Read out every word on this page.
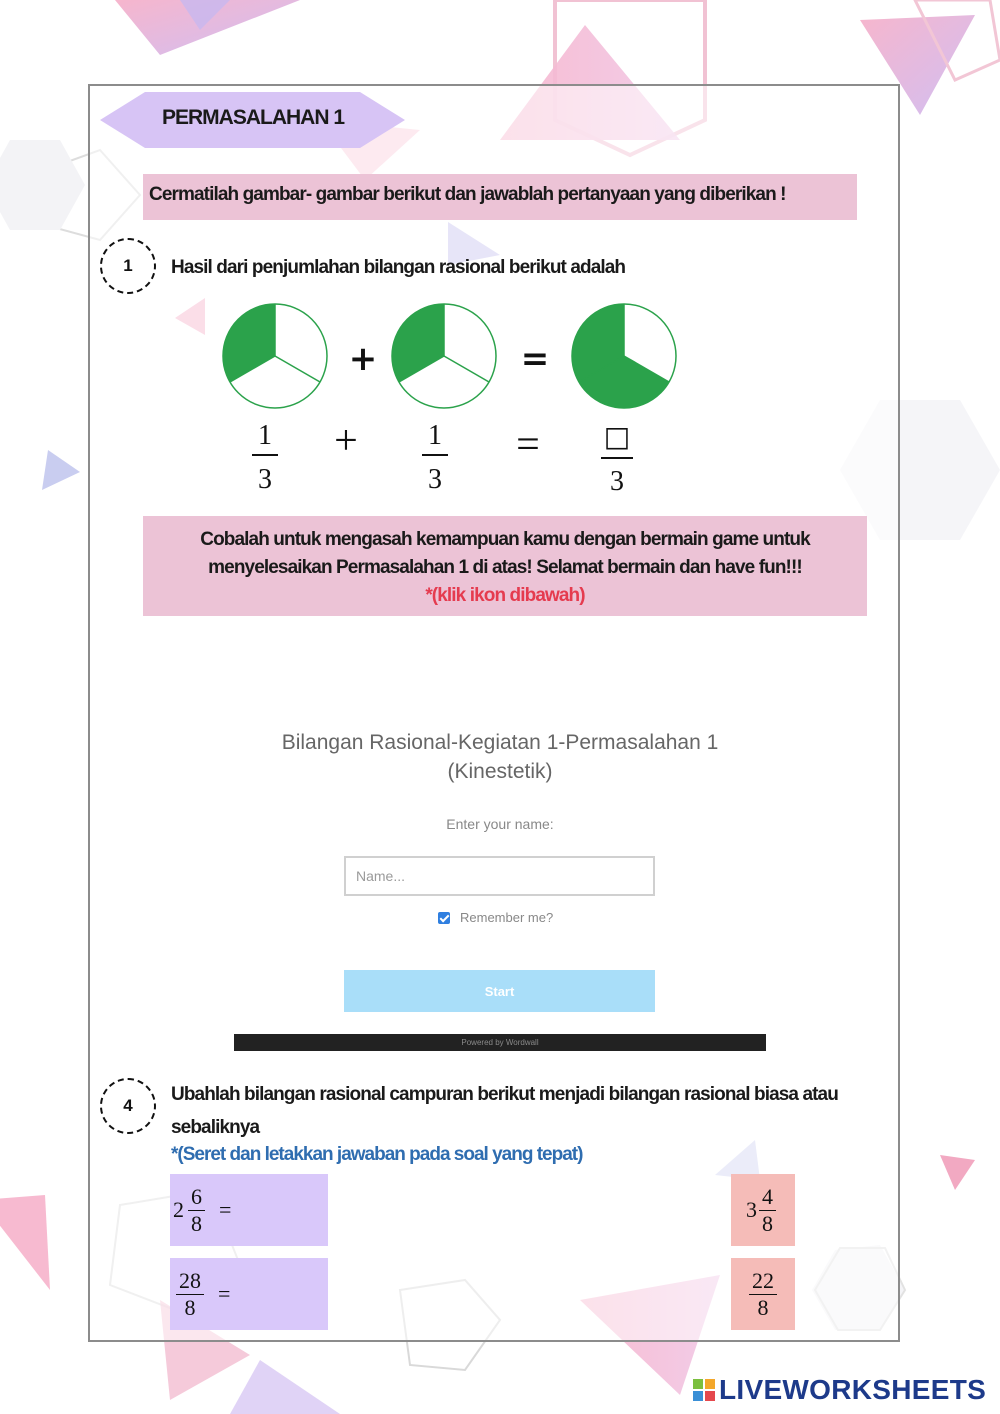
PERMASALAHAN 1
Cermatilah gambar- gambar berikut dan jawablah pertanyaan yang diberikan !
1	Hasil dari penjumlahan bilangan rasional berikut adalah
+	=
1
3
+	1
3
= □
3
Cobalah untuk mengasah kemampuan kamu dengan bermain game untuk
menyelesaikan Permasalahan 1 di atas! Selamat bermain dan have fun!!!
*(klik ikon dibawah)
Bilangan Rasional-Kegiatan 1-Permasalahan 1
(Kinestetik)
Enter your name:
Name...
Remember me?
Start
Powered by Wordwall
4
Ubahlah bilangan rasional campuran berikut menjadi bilangan rasional biasa atau sebaliknya
*(Seret dan letakkan jawaban pada soal yang tepat)
$2 \frac{6}{8}$ =
$\frac{28}{8}$ =
$3 \frac{4}{8}$
$\frac{22}{8}$
LIVEWORKSHEETS
